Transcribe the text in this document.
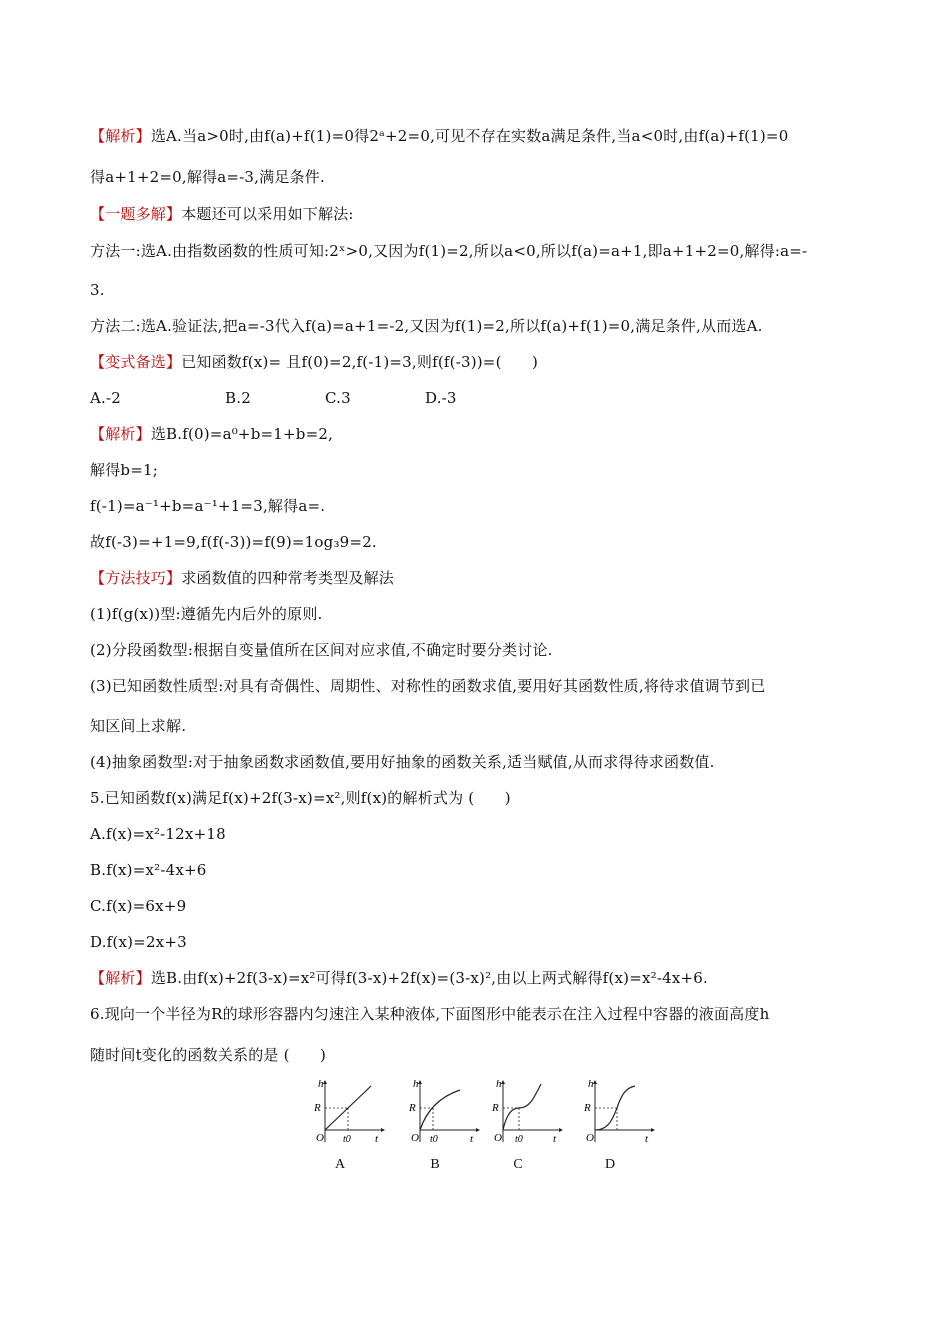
【解析】选A.当a>0时,由f(a)+f(1)=0得2ᵃ+2=0,可见不存在实数a满足条件,当a<0时,由f(a)+f(1)=0
得a+1+2=0,解得a=-3,满足条件.
【一题多解】本题还可以采用如下解法:
方法一:选A.由指数函数的性质可知:2ˣ>0,又因为f(1)=2,所以a<0,所以f(a)=a+1,即a+1+2=0,解得:a=-
3.
方法二:选A.验证法,把a=-3代入f(a)=a+1=-2,又因为f(1)=2,所以f(a)+f(1)=0,满足条件,从而选A.
【变式备选】已知函数f(x)= 且f(0)=2,f(-1)=3,则f(f(-3))=(　　)
A.-2	B.2	C.3	D.-3
【解析】选B.f(0)=a⁰+b=1+b=2,
解得b=1;
f(-1)=a⁻¹+b=a⁻¹+1=3,解得a=.
故f(-3)=+1=9,f(f(-3))=f(9)=1og₃9=2.
【方法技巧】求函数值的四种常考类型及解法
(1)f(g(x))型:遵循先内后外的原则.
(2)分段函数型:根据自变量值所在区间对应求值,不确定时要分类讨论.
(3)已知函数性质型:对具有奇偶性、周期性、对称性的函数求值,要用好其函数性质,将待求值调节到已
知区间上求解.
(4)抽象函数型:对于抽象函数求函数值,要用好抽象的函数关系,适当赋值,从而求得待求函数值.
5.已知函数f(x)满足f(x)+2f(3-x)=x²,则f(x)的解析式为 (　　)
A.f(x)=x²-12x+18
B.f(x)=x²-4x+6
C.f(x)=6x+9
D.f(x)=2x+3
【解析】选B.由f(x)+2f(3-x)=x²可得f(3-x)+2f(x)=(3-x)²,由以上两式解得f(x)=x²-4x+6.
6.现向一个半径为R的球形容器内匀速注入某种液体,下面图形中能表示在注入过程中容器的液面高度h
随时间t变化的函数关系的是 (　　)
h
R
O t0 t
A
h
R
O t0	t
B
h
R
O t0	t
C
h
R
O	t
D
